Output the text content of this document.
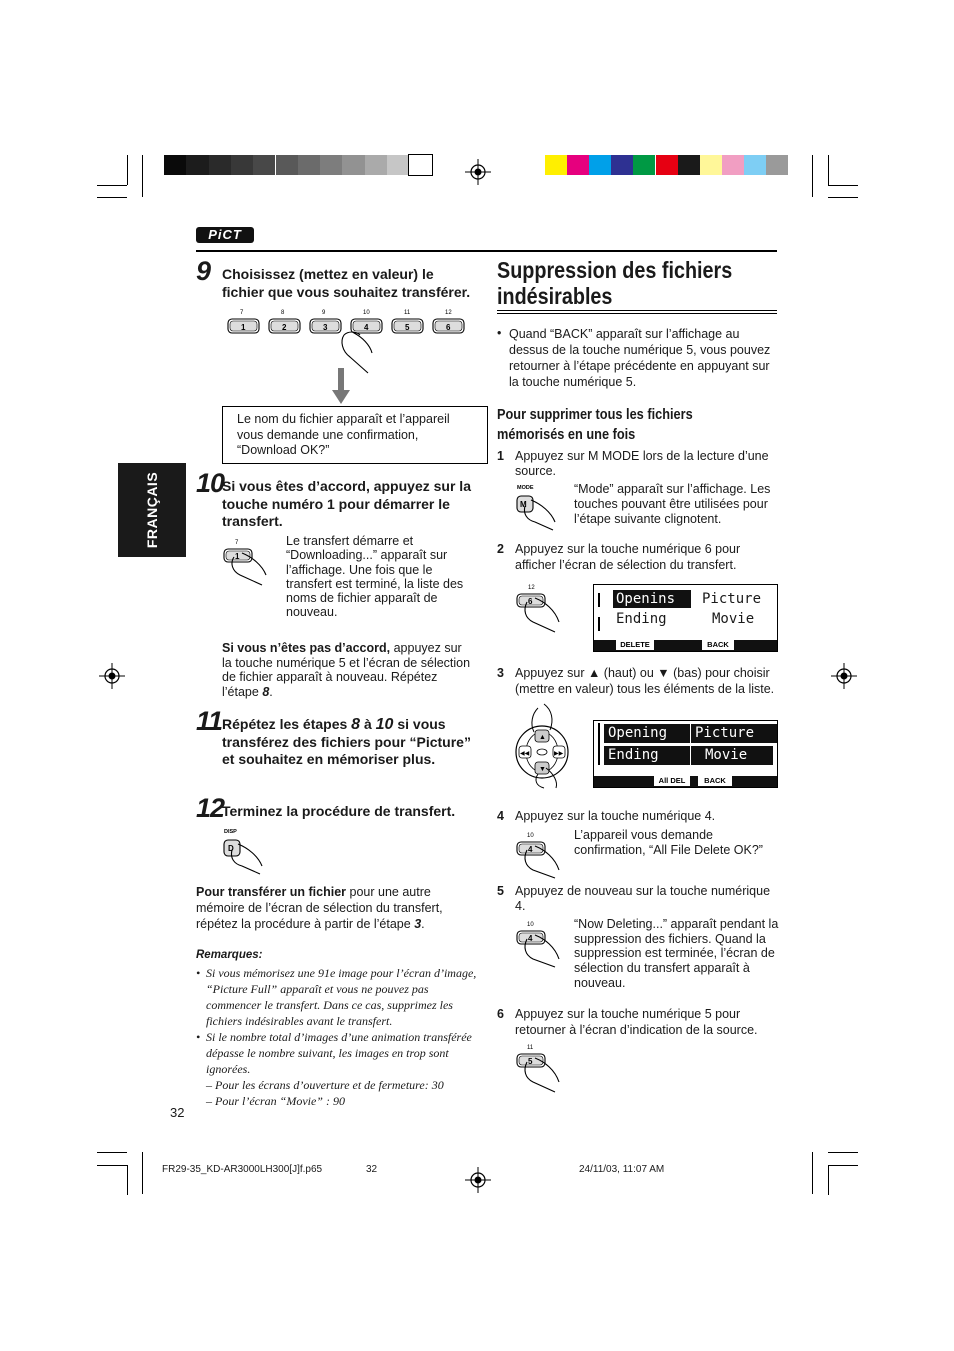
PiCT
FRANÇAIS
9 Choisissez (mettez en valeur) le fichier que vous souhaitez transférer.
7
1
8
2
9
3
10
4
11
5
12
6
Le nom du fichier apparaît et l’appareil vous demande une confirmation, “Download OK?”
10
Si vous êtes d’accord, appuyez sur la touche numéro 1 pour démarrer le transfert.
7
1
Le transfert démarre et “Downloading...” apparaît sur l’affichage. Une fois que le transfert est terminé, la liste des noms de fichier apparaît de nouveau.
Si vous n’êtes pas d’accord, appuyez sur la touche numérique 5 et l’écran de sélection de fichier apparaît à nouveau. Répétez l’étape 8.
11 Répétez les étapes 8 à 10 si vous transférez des fichiers pour “Picture” et souhaitez en mémoriser plus.
12
Terminez la procédure de transfert.
DISP
D
Pour transférer un fichier pour une autre mémoire de l’écran de sélection du transfert, répétez la procédure à partir de l’étape 3.
Remarques:
• Si vous mémorisez une 91e image pour l’écran d’image, “Picture Full” apparaît et vous ne pouvez pas commencer le transfert. Dans ce cas, supprimez les fichiers indésirables avant le transfert.
• Si le nombre total d’images d’une animation transférée dépasse le nombre suivant, les images en trop sont ignorées.
– Pour les écrans d’ouverture et de fermeture: 30
– Pour l’écran “Movie” : 90
32
Suppression des fichiers
indésirables
• Quand “BACK” apparaît sur l’affichage au dessus de la touche numérique 5, vous pouvez retourner à l’étape précédente en appuyant sur la touche numérique 5.
Pour supprimer tous les fichiers mémorisés en une fois
1 Appuyez sur M MODE lors de la lecture d’une source.
MODE
M
“Mode” apparaît sur l’affichage. Les touches pouvant être utilisées pour l’étape suivante clignotent.
2 Appuyez sur la touche numérique 6 pour afficher l’écran de sélection du transfert.
12
6	Openins	Picture
Ending	Movie
DELETE	BACK
3 Appuyez sur ▲ (haut) ou ▼ (bas) pour choisir (mettre en valeur) tous les éléments de la liste.
▲
▼
◀◀	▶▶
Opening	Picture
Ending	Movie
All DEL	BACK
4 Appuyez sur la touche numérique 4.
10
4
L’appareil vous demande confirmation, “All File Delete OK?”
5 Appuyez de nouveau sur la touche numérique 4.
10
4
“Now Deleting...” apparaît pendant la suppression des fichiers. Quand la suppression est terminée, l’écran de sélection du transfert apparaît à nouveau.
6 Appuyez sur la touche numérique 5 pour retourner à l’écran d’indication de la source.
11
5
FR29-35_KD-AR3000LH300[J]f.p65	32	24/11/03, 11:07 AM
